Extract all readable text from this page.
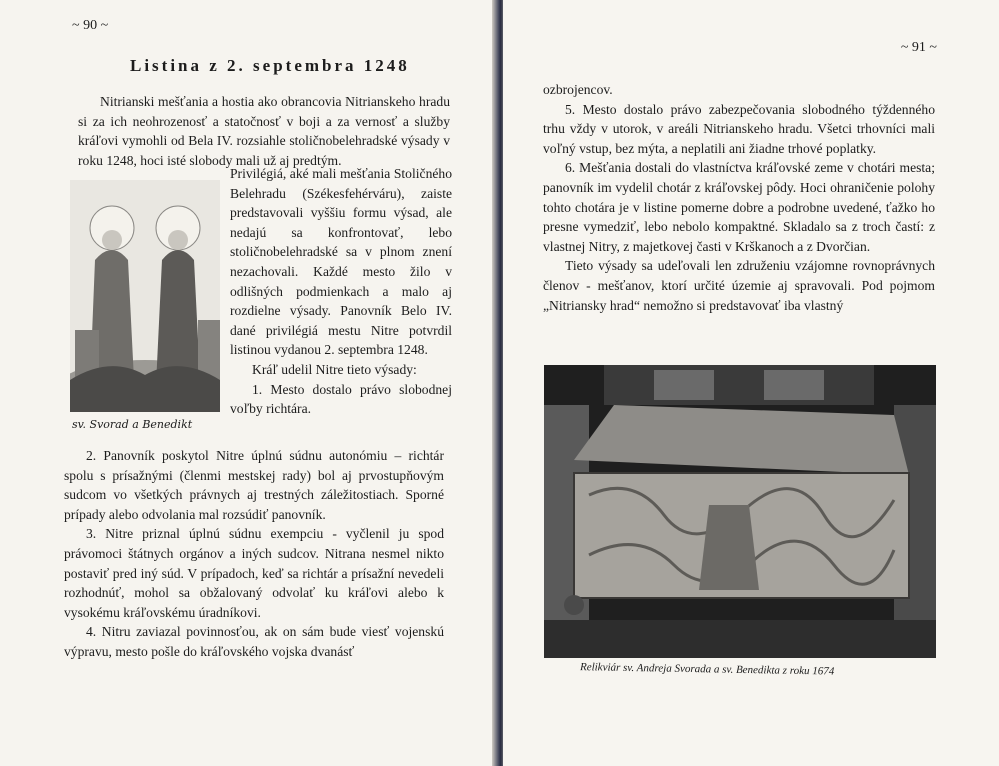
~ 90 ~
Listina z 2. septembra 1248

Nitrianski mešťania a hostia ako obrancovia Nitrianskeho hradu si za ich neohrozenosť a statočnosť v boji a za vernosť a služby kráľovi vymohli od Bela IV. rozsiahle stoličnobelehradské výsady v roku 1248, hoci isté slobody mali už aj predtým.

sv. Svorad a Benedikt

Privilégiá, aké mali mešťania Stoličného Belehradu (Székesfehérváru), zaiste predstavovali vyššiu formu výsad, ale nedajú sa konfrontovať, lebo stoličnobelehradské sa v plnom znení nezachovali. Každé mesto žilo v odlišných podmienkach a malo aj rozdielne výsady. Panovník Belo IV. dané privilégiá mestu Nitre potvrdil listinou vydanou 2. septembra 1248.

Kráľ udelil Nitre tieto výsady:

1. Mesto dostalo právo slobodnej voľby richtára.

2. Panovník poskytol Nitre úplnú súdnu autonómiu – richtár spolu s prísažnými (členmi mestskej rady) bol aj prvostupňovým sudcom vo všetkých právnych aj trestných záležitostiach. Sporné prípady alebo odvolania mal rozsúdiť panovník.

3. Nitre priznal úplnú súdnu exempciu - vyčlenil ju spod právomoci štátnych orgánov a iných sudcov. Nitrana nesmel nikto postaviť pred iný súd. V prípadoch, keď sa richtár a prísažní nevedeli rozhodnúť, mohol sa obžalovaný odvolať ku kráľovi alebo k vysokému kráľovskému úradníkovi.

4. Nitru zaviazal povinnosťou, ak on sám bude viesť vojenskú výpravu, mesto pošle do kráľovského vojska dvanásť

~ 91 ~

ozbrojencov.

5. Mesto dostalo právo zabezpečovania slobodného týždenného trhu vždy v utorok, v areáli Nitrianskeho hradu. Všetci trhovníci mali voľný vstup, bez mýta, a neplatili ani žiadne trhové poplatky.

6. Mešťania dostali do vlastníctva kráľovské zeme v chotári mesta; panovník im vydelil chotár z kráľovskej pôdy. Hoci ohraničenie polohy tohto chotára je v listine pomerne dobre a podrobne uvedené, ťažko ho presne vymedziť, lebo nebolo kompaktné. Skladalo sa z troch častí: z vlastnej Nitry, z majetkovej časti v Krškanoch a z Dvorčian.

Tieto výsady sa udeľovali len združeniu vzájomne rovnoprávnych členov - mešťanov, ktorí určité územie aj spravovali. Pod pojmom „Nitriansky hrad“ nemožno si predstavovať iba vlastný

Relikviár sv. Andreja Svorada a sv. Benedikta z roku 1674
